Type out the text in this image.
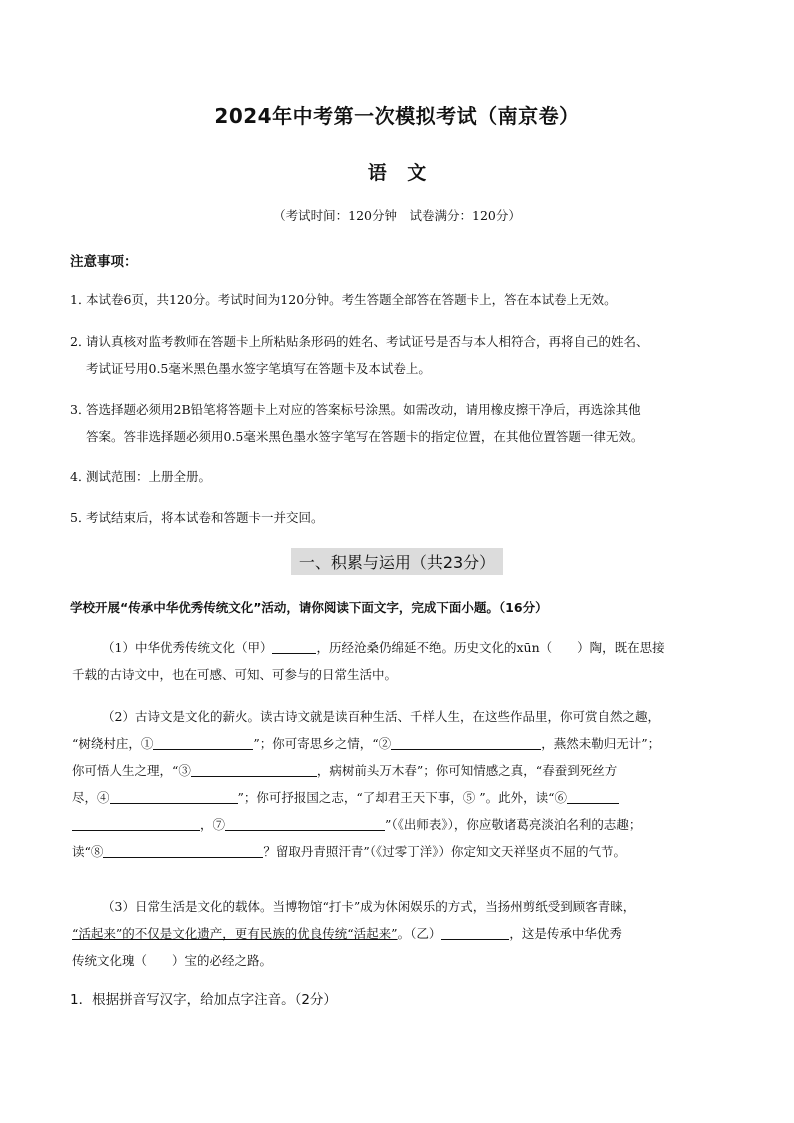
2024年中考第一次模拟考试（南京卷）
语 文
（考试时间：120分钟　试卷满分：120分）
注意事项：
1．本试卷6页，共120分。考试时间为120分钟。考生答题全部答在答题卡上，答在本试卷上无效。
2．请认真核对监考教师在答题卡上所粘贴条形码的姓名、考试证号是否与本人相符合，再将自己的姓名、
考试证号用0.5毫米黑色墨水签字笔填写在答题卡及本试卷上。
3．答选择题必须用2B铅笔将答题卡上对应的答案标号涂黑。如需改动，请用橡皮擦干净后，再选涂其他
答案。答非选择题必须用0.5毫米黑色墨水签字笔写在答题卡的指定位置，在其他位置答题一律无效。
4．测试范围：上册全册。
5．考试结束后，将本试卷和答题卡一并交回。
一、积累与运用（共23分）
学校开展“传承中华优秀传统文化”活动，请你阅读下面文字，完成下面小题。（16分）
（1）中华优秀传统文化（甲）	，历经沧桑仍绵延不绝。历史文化的xūn（　　）陶，既在思接
千载的古诗文中，也在可感、可知、可参与的日常生活中。
（2）古诗文是文化的薪火。读古诗文就是读百种生活、千样人生，在这些作品里，你可赏自然之趣，
“树绕村庄，①	”；你可寄思乡之情，“②	，燕然未勒归无计”；
你可悟人生之理，“③	，病树前头万木春”；你可知情感之真，“春蚕到死丝方
尽，④	”；你可抒报国之志，“了却君王天下事，⑤ ”。此外，读“⑥
，⑦	”（《出师表》），你应敬诸葛亮淡泊名利的志趣；
读“⑧	？留取丹青照汗青”（《过零丁洋》）你定知文天祥坚贞不屈的气节。
（3）日常生活是文化的载体。当博物馆“打卡”成为休闲娱乐的方式，当扬州剪纸受到顾客青睐，
“活起来”的不仅是文化遗产，更有民族的优良传统“活起来”。（乙）	，这是传承中华优秀
传统文化瑰（　　）宝的必经之路。
1．根据拼音写汉字，给加点字注音。（2分）
